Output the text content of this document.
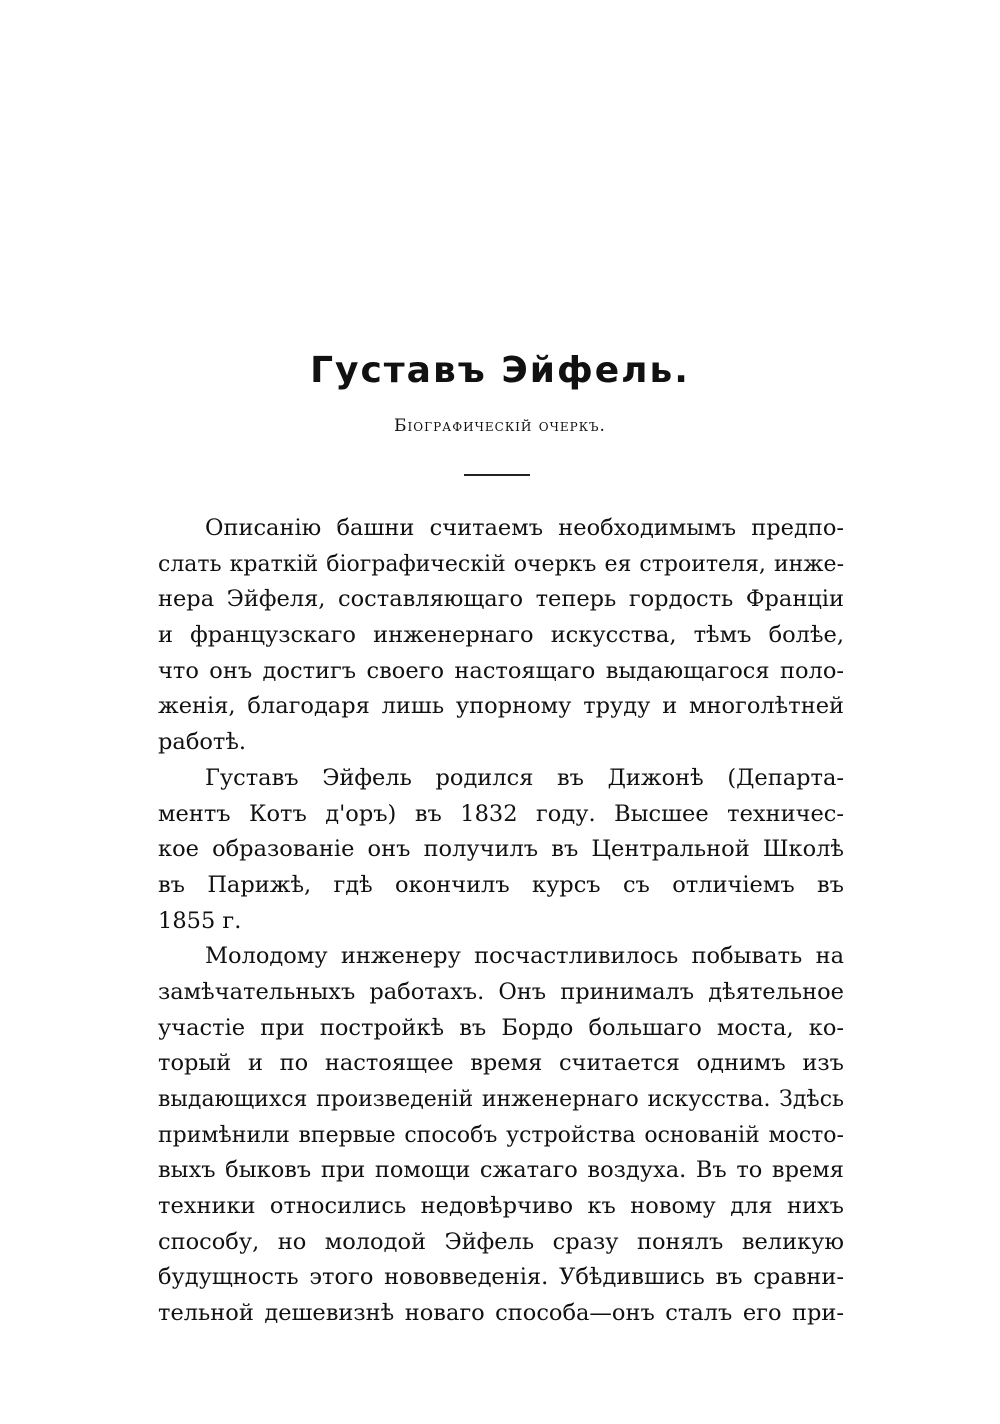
Густавъ Эйфель.
Біографическій очеркъ.
Описанію башни считаемъ необходимымъ предпо-
слать краткій біографическій очеркъ ея строителя, инже-
нера Эйфеля, составляющаго теперь гордость Франціи
и французскаго инженернаго искусства, тѣмъ болѣе,
что онъ достигъ своего настоящаго выдающагося поло-
женія, благодаря лишь упорному труду и многолѣтней
работѣ.
Густавъ Эйфель родился въ Дижонѣ (Департа-
ментъ Котъ д'оръ) въ 1832 году. Высшее техничес-
кое образованіе онъ получилъ въ Центральной Школѣ
въ Парижѣ, гдѣ окончилъ курсъ съ отличіемъ въ
1855 г.
Молодому инженеру посчастливилось побывать на
замѣчательныхъ работахъ. Онъ принималъ дѣятельное
участіе при постройкѣ въ Бордо большаго моста, ко-
торый и по настоящее время считается однимъ изъ
выдающихся произведеній инженернаго искусства. Здѣсь
примѣнили впервые способъ устройства основаній мосто-
выхъ быковъ при помощи сжатаго воздуха. Въ то время
техники относились недовѣрчиво къ новому для нихъ
способу, но молодой Эйфель сразу понялъ великую
будущность этого нововведенія. Убѣдившись въ сравни-
тельной дешевизнѣ новаго способа—онъ сталъ его при-
